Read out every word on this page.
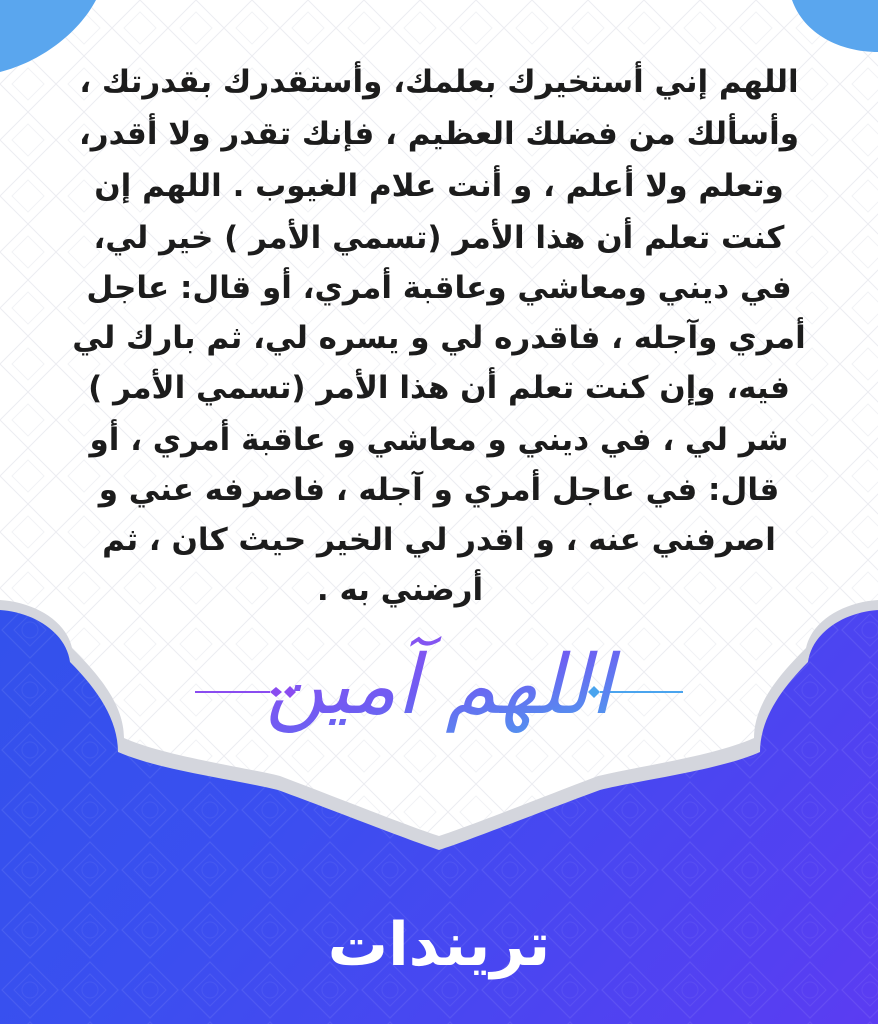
اللهم إني أستخيرك بعلمك، وأستقدرك بقدرتك ،
وأسألك من فضلك العظيم ، فإنك تقدر ولا أقدر،
وتعلم ولا أعلم ، و أنت علام الغيوب . اللهم إن
كنت تعلم أن هذا الأمر (تسمي الأمر ) خير لي،
في ديني ومعاشي وعاقبة أمري، أو قال: عاجل
أمري وآجله ، فاقدره لي و يسره لي، ثم بارك لي
فيه، وإن كنت تعلم أن هذا الأمر (تسمي الأمر )
شر لي ، في ديني و معاشي و عاقبة أمري ، أو
قال: في عاجل أمري و آجله ، فاصرفه عني و
اصرفني عنه ، و اقدر لي الخير حيث كان ، ثم
أرضني به .
اللهم آمين
تريندات
